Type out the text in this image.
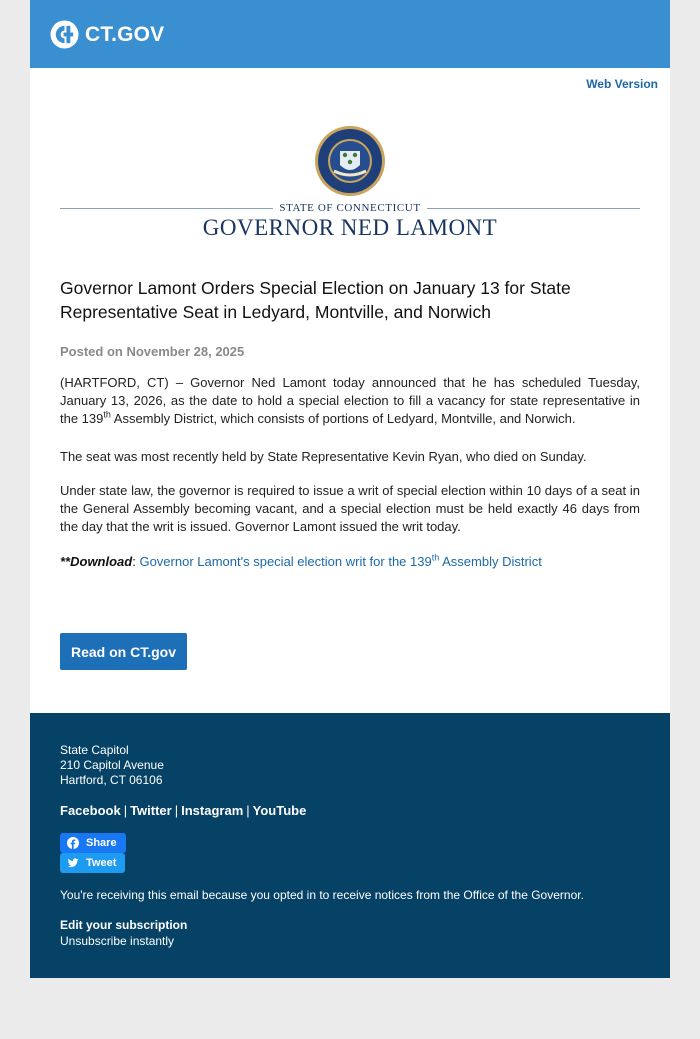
CT.GOV
Web Version
STATE OF CONNECTICUT
GOVERNOR NED LAMONT
Governor Lamont Orders Special Election on January 13 for State Representative Seat in Ledyard, Montville, and Norwich
Posted on November 28, 2025

(HARTFORD, CT) – Governor Ned Lamont today announced that he has scheduled Tuesday, January 13, 2026, as the date to hold a special election to fill a vacancy for state representative in the 139th Assembly District, which consists of portions of Ledyard, Montville, and Norwich.

The seat was most recently held by State Representative Kevin Ryan, who died on Sunday.

Under state law, the governor is required to issue a writ of special election within 10 days of a seat in the General Assembly becoming vacant, and a special election must be held exactly 46 days from the day that the writ is issued. Governor Lamont issued the writ today.

**Download: Governor Lamont's special election writ for the 139th Assembly District
Read on CT.gov
State Capitol
210 Capitol Avenue
Hartford, CT 06106
Facebook | Twitter | Instagram | YouTube
Share
Tweet
You're receiving this email because you opted in to receive notices from the Office of the Governor.
Edit your subscription
Unsubscribe instantly
